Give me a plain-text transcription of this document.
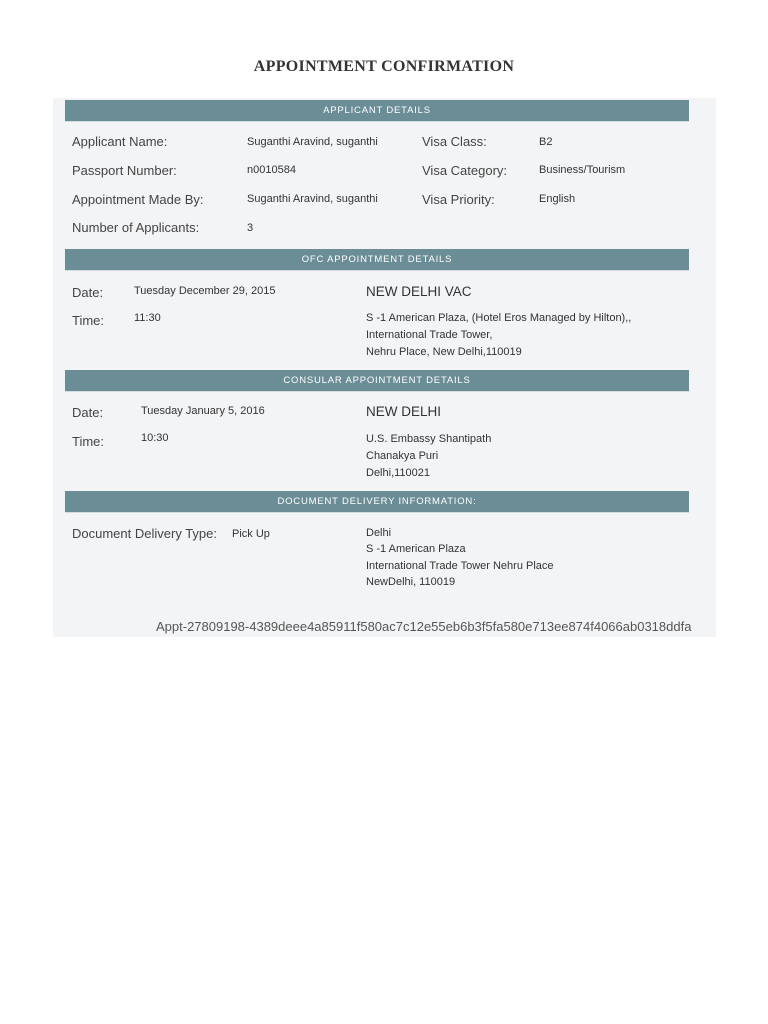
APPOINTMENT CONFIRMATION
APPLICANT DETAILS
Applicant Name:	Suganthi Aravind, suganthi	Visa Class:	B2
Passport Number:	n0010584	Visa Category:	Business/Tourism
Appointment Made By:	Suganthi Aravind, suganthi	Visa Priority:	English
Number of Applicants:	3
OFC APPOINTMENT DETAILS
Date:	Tuesday December 29, 2015	NEW DELHI VAC
Time:	11:30	S -1 American Plaza, (Hotel Eros Managed by Hilton),,
International Trade Tower,
Nehru Place, New Delhi,110019
CONSULAR APPOINTMENT DETAILS
Date:	Tuesday January 5, 2016	NEW DELHI
Time:	10:30	U.S. Embassy Shantipath
Chanakya Puri
Delhi,110021
DOCUMENT DELIVERY INFORMATION:
Document Delivery Type: Pick Up	Delhi
S -1 American Plaza
International Trade Tower Nehru Place
NewDelhi, 110019
Appt-27809198-4389deee4a85911f580ac7c12e55eb6b3f5fa580e713ee874f4066ab0318ddfa
